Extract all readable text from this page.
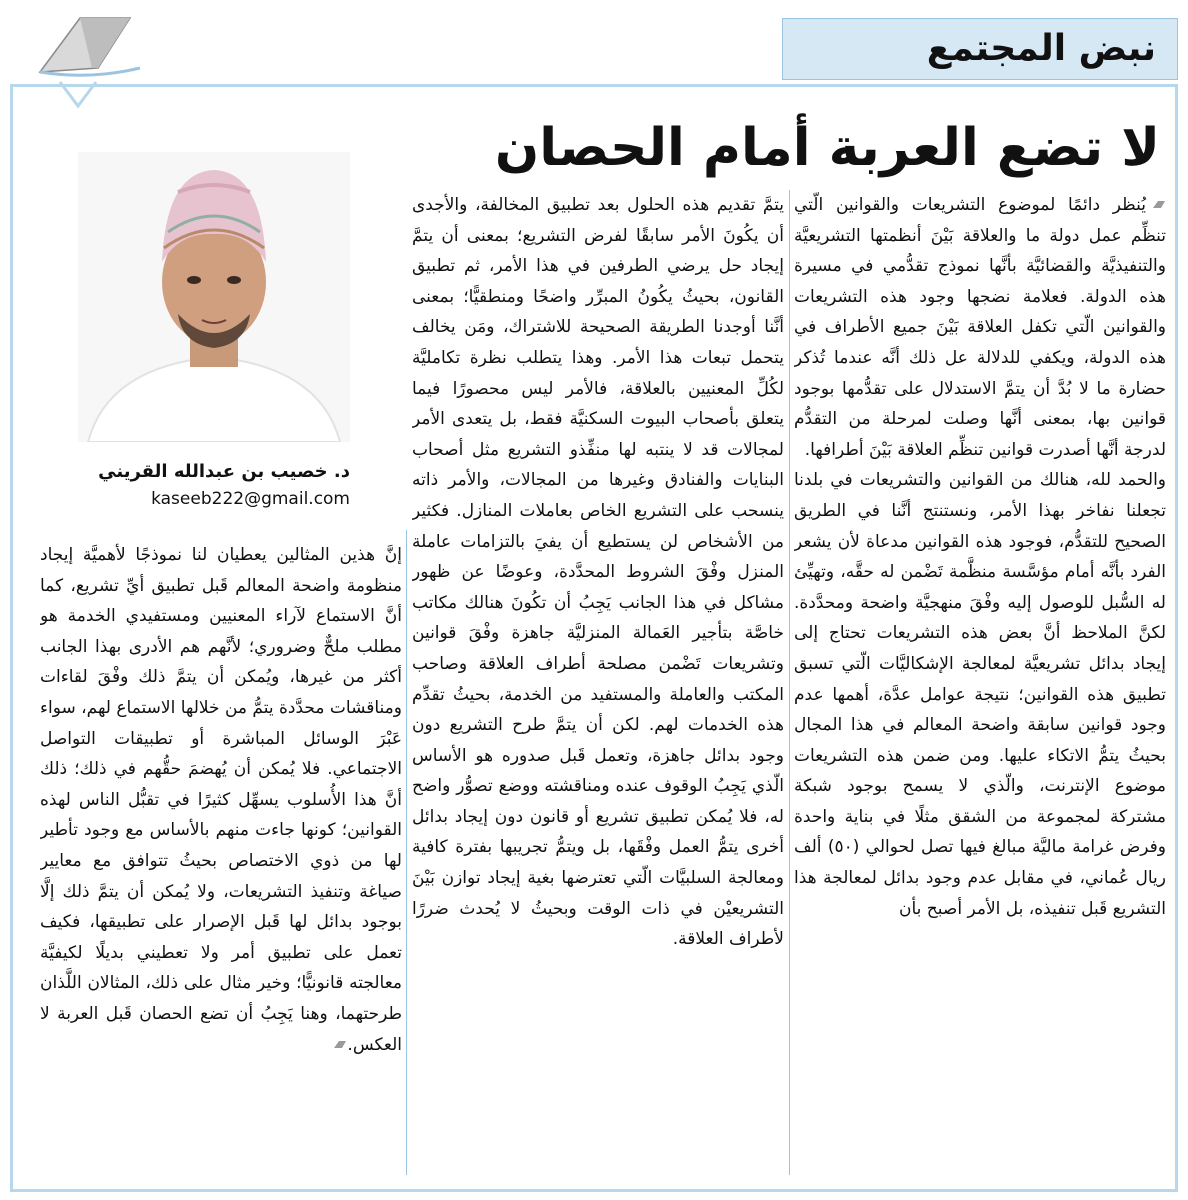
نبض المجتمع
لا تضع العربة أمام الحصان

يُنظر دائمًا لموضوع التشريعات والقوانين الّتي تنظِّم عمل دولة ما والعلاقة بَيْنَ أنظمتها التشريعيَّة والتنفيذيَّة والقضائيَّة بأنَّها نموذج تقدُّمي في مسيرة هذه الدولة. فعلامة نضجها وجود هذه التشريعات والقوانين الّتي تكفل العلاقة بَيْنَ جميع الأطراف في هذه الدولة، ويكفي للدلالة عل ذلك أنَّه عندما تُذكر حضارة ما لا بُدَّ أن يتمَّ الاستدلال على تقدُّمها بوجود قوانين بها، بمعنى أنَّها وصلت لمرحلة من التقدُّم لدرجة أنَّها أصدرت قوانين تنظِّم العلاقة بَيْنَ أطرافها.
والحمد لله، هنالك من القوانين والتشريعات في بلدنا تجعلنا نفاخر بهذا الأمر، ونستنتج أنَّنا في الطريق الصحيح للتقدُّم، فوجود هذه القوانين مدعاة لأن يشعر الفرد بأنَّه أمام مؤسَّسة منظَّمة تَضْمن له حقَّه، وتهيِّئ له السُّبل للوصول إليه وفْقَ منهجيَّة واضحة ومحدَّدة. لكنَّ الملاحظ أنَّ بعض هذه التشريعات تحتاج إلى إيجاد بدائل تشريعيَّة لمعالجة الإشكاليَّات الّتي تسبق تطبيق هذه القوانين؛ نتيجة عوامل عدَّة، أهمها عدم وجود قوانين سابقة واضحة المعالم في هذا المجال بحيثُ يتمُّ الاتكاء عليها. ومن ضمن هذه التشريعات موضوع الإنترنت، والّذي لا يسمح بوجود شبكة مشتركة لمجموعة من الشقق مثلًا في بناية واحدة وفرض غرامة ماليَّة مبالغ فيها تصل لحوالي (٥٠) ألف ريال عُماني، في مقابل عدم وجود بدائل لمعالجة هذا التشريع قَبل تنفيذه، بل الأمر أصبح بأن

يتمَّ تقديم هذه الحلول بعد تطبيق المخالفة، والأجدى أن يكُونَ الأمر سابقًا لفرض التشريع؛ بمعنى أن يتمَّ إيجاد حل يرضي الطرفين في هذا الأمر، ثم تطبيق القانون، بحيثُ يكُونُ المبرِّر واضحًا ومنطقيًّا؛ بمعنى أنَّنا أوجدنا الطريقة الصحيحة للاشتراك، ومَن يخالف يتحمل تبعات هذا الأمر. وهذا يتطلب نظرة تكامليَّة لكُلِّ المعنيين بالعلاقة، فالأمر ليس محصورًا فيما يتعلق بأصحاب البيوت السكنيَّة فقط، بل يتعدى الأمر لمجالات قد لا ينتبه لها منفِّذو التشريع مثل أصحاب البنايات والفنادق وغيرها من المجالات، والأمر ذاته ينسحب على التشريع الخاص بعاملات المنازل. فكثير من الأشخاص لن يستطيع أن يفيَ بالتزامات عاملة المنزل وفْقَ الشروط المحدَّدة، وعوضًا عن ظهور مشاكل في هذا الجانب يَجِبُ أن تكُونَ هنالك مكاتب خاصَّة بتأجير العَمالة المنزليَّة جاهزة وفْقَ قوانين وتشريعات تَضْمن مصلحة أطراف العلاقة وصاحب المكتب والعاملة والمستفيد من الخدمة، بحيثُ تقدِّم هذه الخدمات لهم. لكن أن يتمَّ طرح التشريع دون وجود بدائل جاهزة، وتعمل قَبل صدوره هو الأساس الّذي يَجِبُ الوقوف عنده ومناقشته ووضع تصوُّر واضح له، فلا يُمكن تطبيق تشريع أو قانون دون إيجاد بدائل أخرى يتمُّ العمل وفْقَها، بل ويتمُّ تجريبها بفترة كافية ومعالجة السلبيَّات الّتي تعترضها بغية إيجاد توازن بَيْنَ التشريعيْن في ذات الوقت وبحيثُ لا يُحدث ضررًا لأطراف العلاقة.

د. خصيب بن عبدالله القريني
kaseeb222@gmail.com

إنَّ هذين المثالين يعطيان لنا نموذجًا لأهميَّة إيجاد منظومة واضحة المعالم قَبل تطبيق أيِّ تشريع، كما أنَّ الاستماع لآراء المعنيين ومستفيدي الخدمة هو مطلب ملحٌّ وضروري؛ لأنَّهم هم الأدرى بهذا الجانب أكثر من غيرها، ويُمكن أن يتمَّ ذلك وفْقَ لقاءات ومناقشات محدَّدة يتمُّ من خلالها الاستماع لهم، سواء عَبْرَ الوسائل المباشرة أو تطبيقات التواصل الاجتماعي. فلا يُمكن أن يُهضمَ حقُّهم في ذلك؛ ذلك أنَّ هذا الأُسلوب يسهِّل كثيرًا في تقبُّل الناس لهذه القوانين؛ كونها جاءت منهم بالأساس مع وجود تأطير لها من ذوي الاختصاص بحيثُ تتوافق مع معايير صياغة وتنفيذ التشريعات، ولا يُمكن أن يتمَّ ذلك إلَّا بوجود بدائل لها قَبل الإصرار على تطبيقها، فكيف تعمل على تطبيق أمر ولا تعطيني بديلًا لكيفيَّة معالجته قانونيًّا؛ وخير مثال على ذلك، المثالان اللَّذان طرحتهما، وهنا يَجِبُ أن تضع الحصان قَبل العربة لا العكس.
